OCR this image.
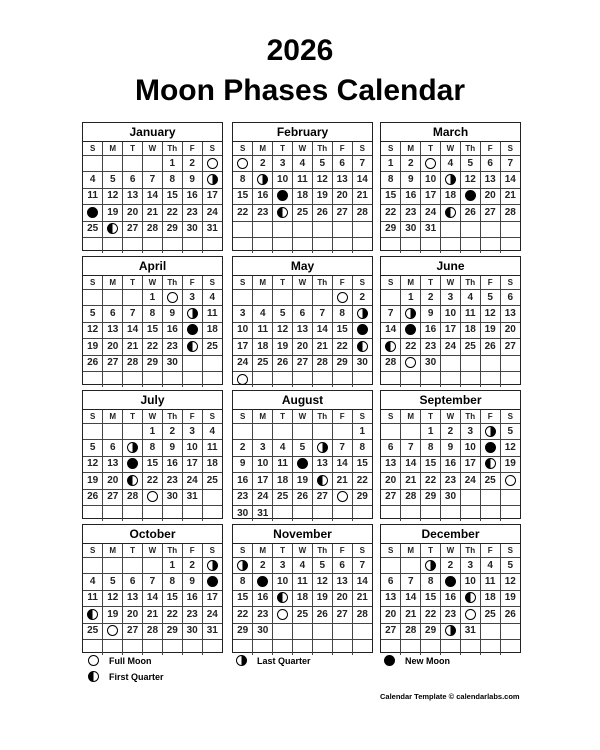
2026
Moon Phases Calendar
January
S	M	T	W	Th	F	S
				1	2	
4	5	6	7	8	9	
11	12	13	14	15	16	17
	19	20	21	22	23	24
25		27	28	29	30	31

February
S	M	T	W	Th	F	S
	2	3	4	5	6	7
8		10	11	12	13	14
15	16		18	19	20	21
22	23		25	26	27	28

March
S	M	T	W	Th	F	S
1	2		4	5	6	7
8	9	10		12	13	14
15	16	17	18		20	21
22	23	24		26	27	28
29	30	31				

April
S	M	T	W	Th	F	S
			1		3	4
5	6	7	8	9		11
12	13	14	15	16		18
19	20	21	22	23		25
26	27	28	29	30		

May
S	M	T	W	Th	F	S
						2
3	4	5	6	7	8	
10	11	12	13	14	15	
17	18	19	20	21	22	
24	25	26	27	28	29	30

June
S	M	T	W	Th	F	S
	1	2	3	4	5	6
7		9	10	11	12	13
14		16	17	18	19	20
	22	23	24	25	26	27
28		30				

July
S	M	T	W	Th	F	S
			1	2	3	4
5	6		8	9	10	11
12	13		15	16	17	18
19	20		22	23	24	25
26	27	28		30	31	

August
S	M	T	W	Th	F	S
						1
2	3	4	5		7	8
9	10	11		13	14	15
16	17	18	19		21	22
23	24	25	26	27		29
30	31					
September
S	M	T	W	Th	F	S
		1	2	3		5
6	7	8	9	10		12
13	14	15	16	17		19
20	21	22	23	24	25	
27	28	29	30			

October
S	M	T	W	Th	F	S
				1	2	
4	5	6	7	8	9	
11	12	13	14	15	16	17
	19	20	21	22	23	24
25		27	28	29	30	31

November
S	M	T	W	Th	F	S
	2	3	4	5	6	7
8		10	11	12	13	14
15	16		18	19	20	21
22	23		25	26	27	28
29	30					

December
S	M	T	W	Th	F	S
			2	3	4	5
6	7	8		10	11	12
13	14	15	16		18	19
20	21	22	23		25	26
27	28	29		31		

Full Moon
First Quarter
Last Quarter	New Moon
Calendar Template © calendarlabs.com
